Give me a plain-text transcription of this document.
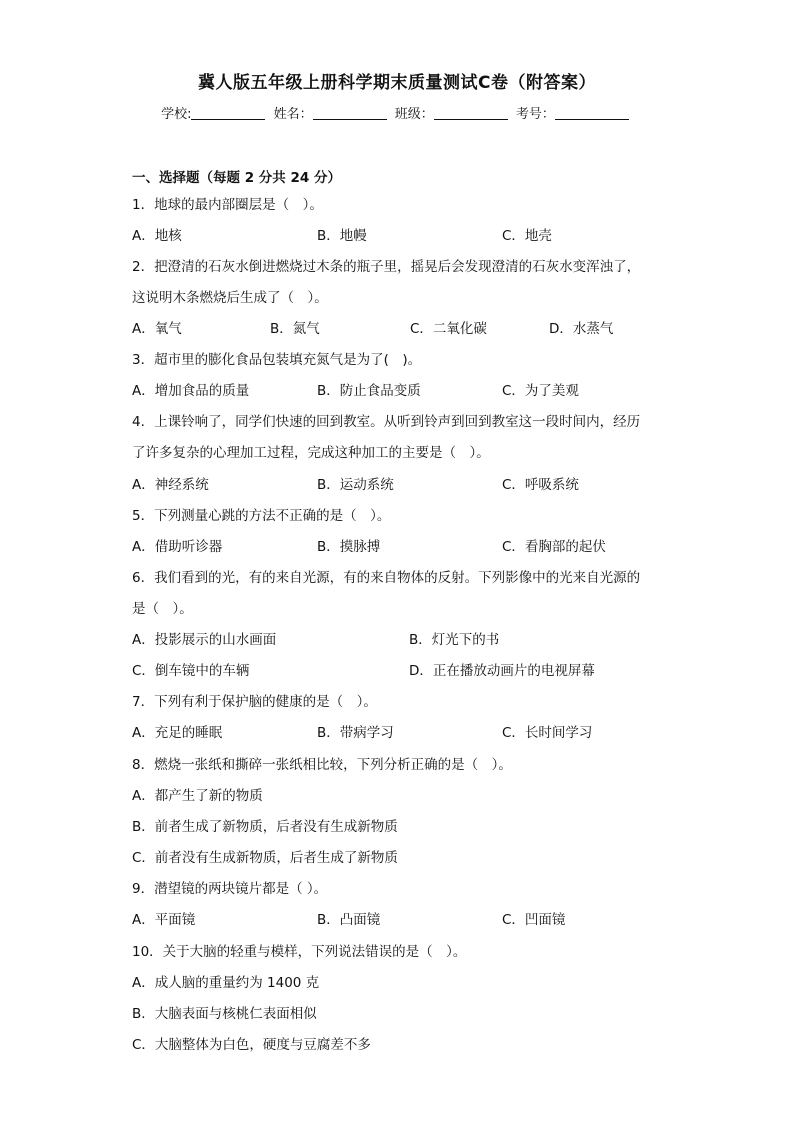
冀人版五年级上册科学期末质量测试C卷（附答案）
学校:	姓名：	班级：	考号：
一、选择题（每题 2 分共 24 分）
1．地球的最内部圈层是（　）。
A．地核	B．地幔	C．地壳
2．把澄清的石灰水倒进燃烧过木条的瓶子里，摇晃后会发现澄清的石灰水变浑浊了，
这说明木条燃烧后生成了（　）。
A．氧气	B．氮气	C．二氧化碳	D．水蒸气
3．超市里的膨化食品包装填充氮气是为了(　)。
A．增加食品的质量	B．防止食品变质	C．为了美观
4．上课铃响了，同学们快速的回到教室。从听到铃声到回到教室这一段时间内，经历
了许多复杂的心理加工过程，完成这种加工的主要是（　）。
A．神经系统	B．运动系统	C．呼吸系统
5．下列测量心跳的方法不正确的是（　）。
A．借助听诊器	B．摸脉搏	C．看胸部的起伏
6．我们看到的光，有的来自光源，有的来自物体的反射。下列影像中的光来自光源的
是（　）。
A．投影展示的山水画面	B．灯光下的书
C．倒车镜中的车辆	D．正在播放动画片的电视屏幕
7．下列有利于保护脑的健康的是（　）。
A．充足的睡眠	B．带病学习	C．长时间学习
8．燃烧一张纸和撕碎一张纸相比较，下列分析正确的是（　）。
A．都产生了新的物质
B．前者生成了新物质，后者没有生成新物质
C．前者没有生成新物质，后者生成了新物质
9．潜望镜的两块镜片都是（ ）。
A．平面镜	B．凸面镜	C．凹面镜
10．关于大脑的轻重与模样，下列说法错误的是（　）。
A．成人脑的重量约为 1400 克
B．大脑表面与核桃仁表面相似
C．大脑整体为白色，硬度与豆腐差不多
